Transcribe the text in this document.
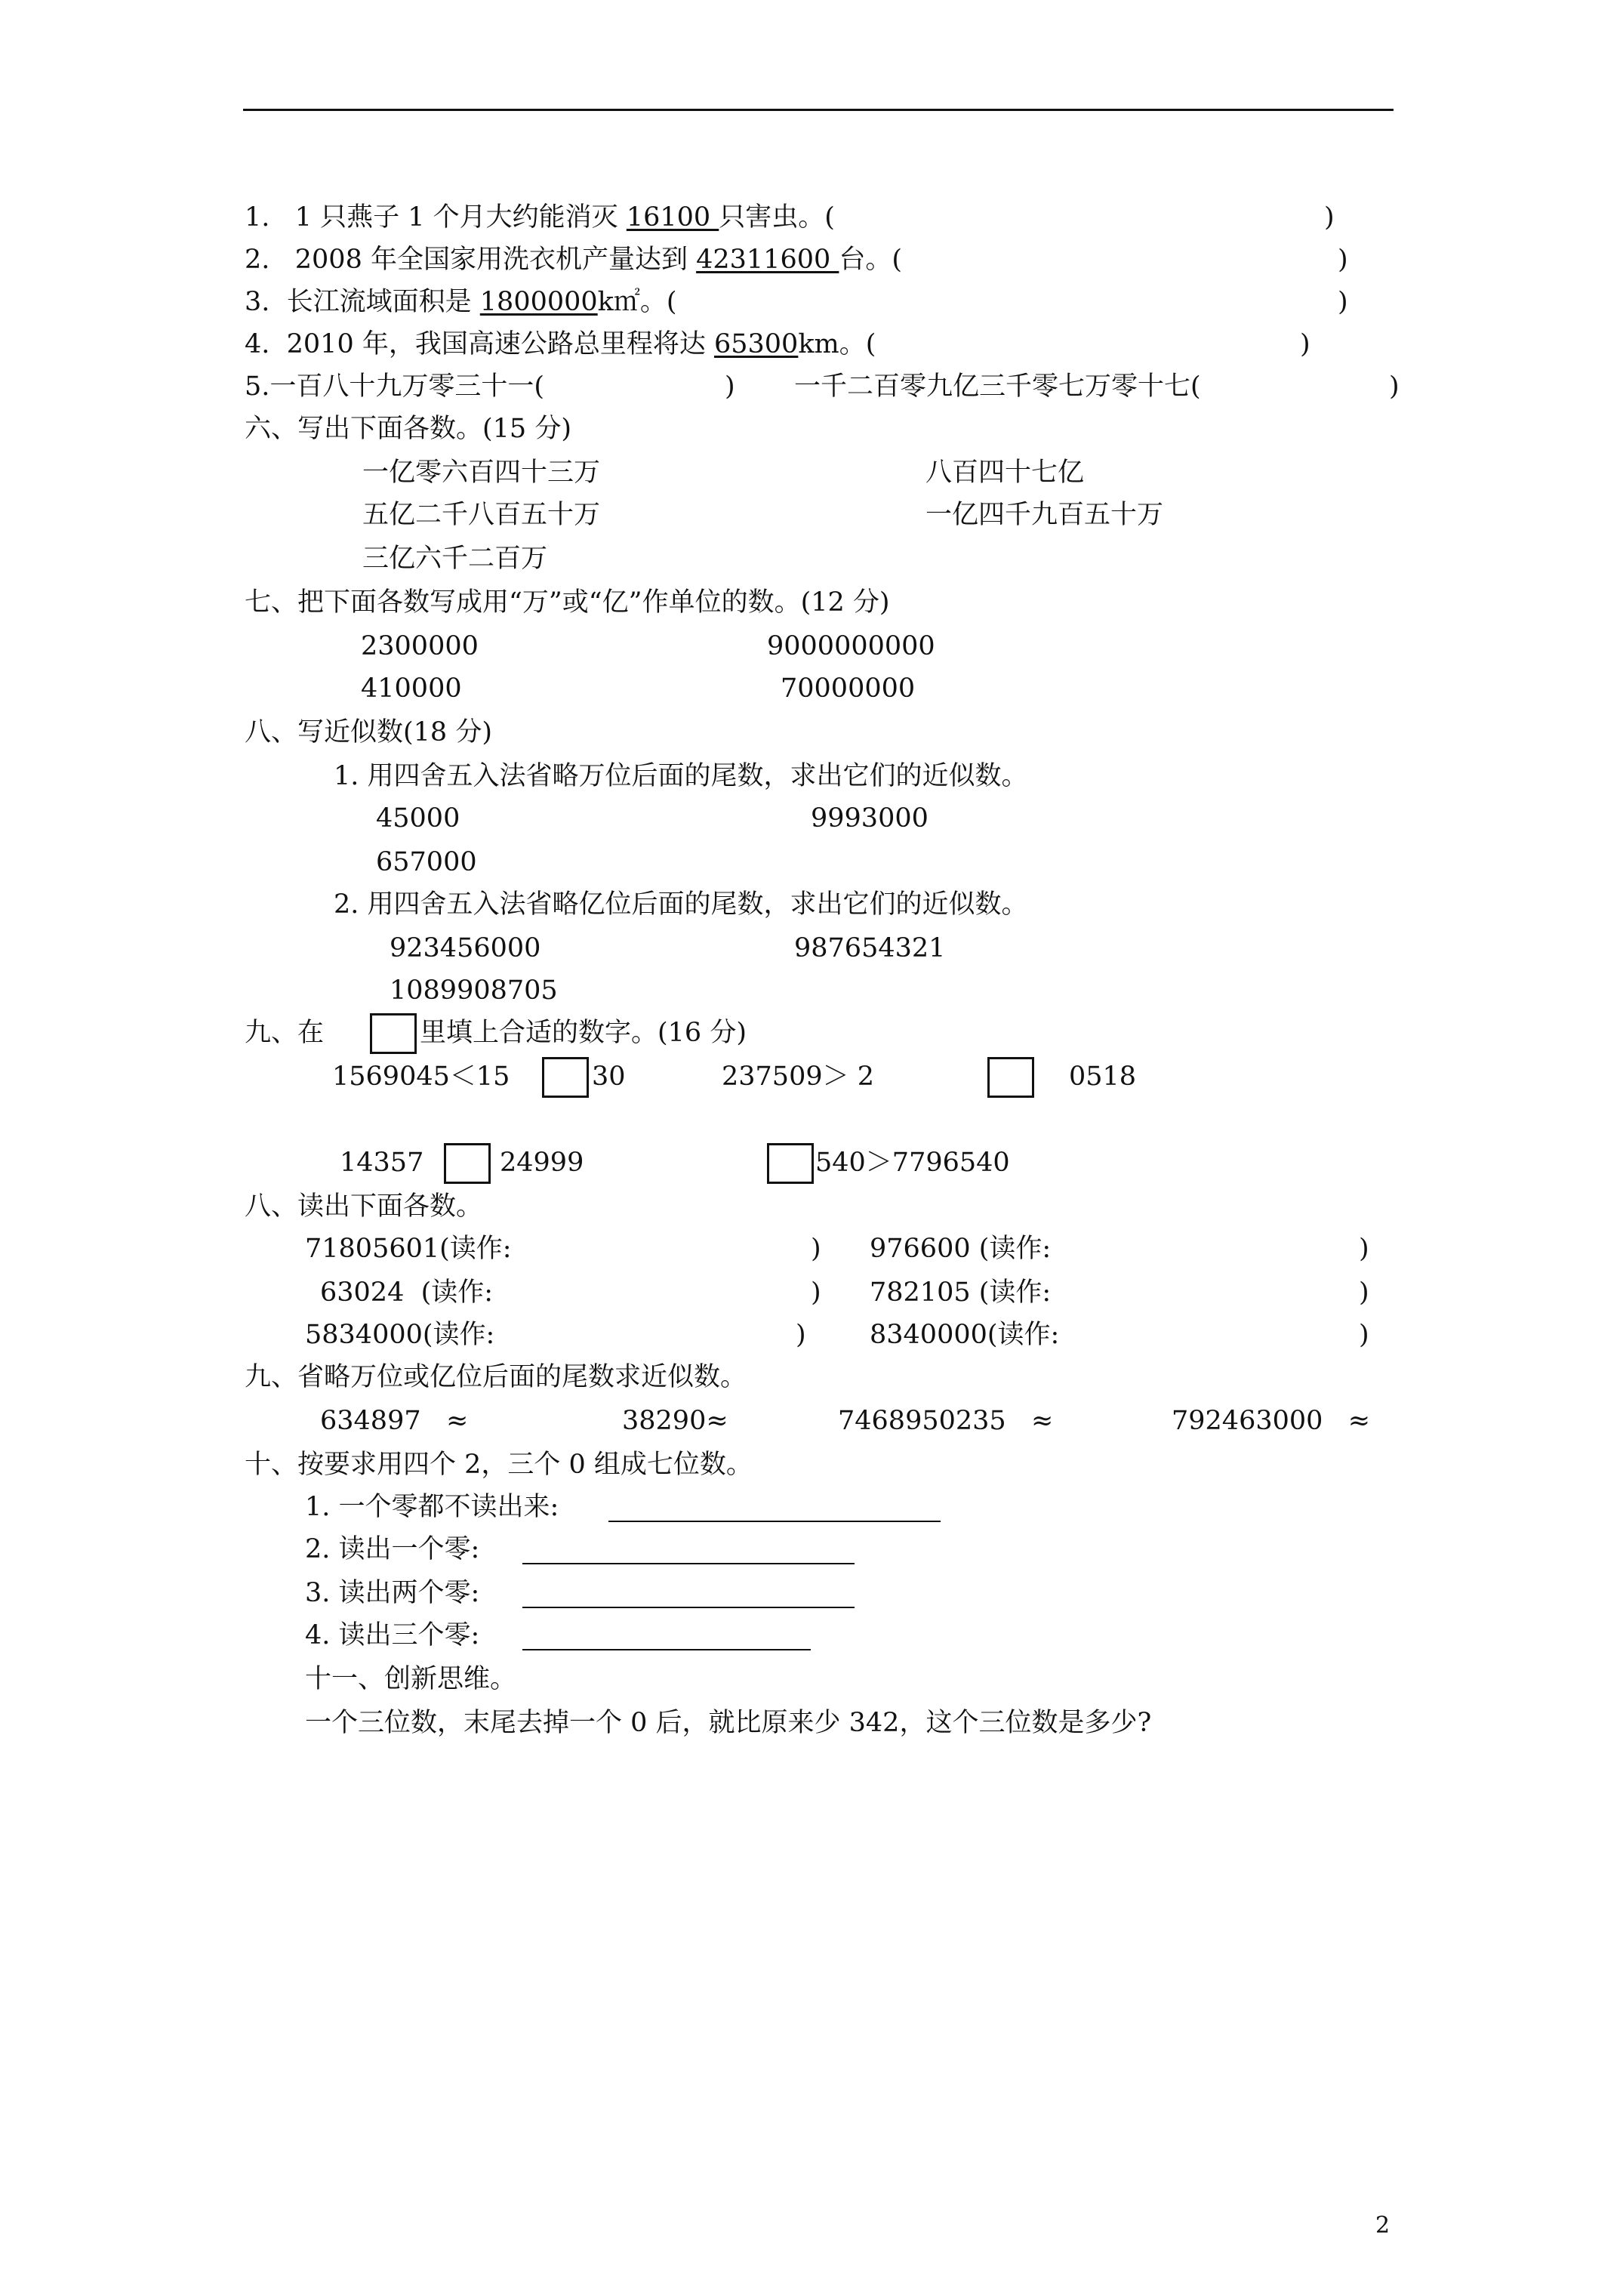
1.   1 只燕子 1 个月大约能消灭 16100 只害虫。(	)
2.   2008 年全国家用洗衣机产量达到 42311600 台。(	)
3.  长江流域面积是 1800000k㎡。(	)
4.  2010 年，我国高速公路总里程将达 65300km。(	)
5.一百八十九万零三十一(	) 一千二百零九亿三千零七万零十七(	)
六、写出下面各数。(15 分)
一亿零六百四十三万	八百四十七亿
五亿二千八百五十万	一亿四千九百五十万
三亿六千二百万
七、把下面各数写成用“万”或“亿”作单位的数。(12 分)
2300000	9000000000
410000	70000000
八、写近似数(18 分)
1. 用四舍五入法省略万位后面的尾数，求出它们的近似数。
45000	9993000
657000
2. 用四舍五入法省略亿位后面的尾数，求出它们的近似数。
923456000	987654321
1089908705
九、在	里填上合适的数字。(16 分)
1569045＜15	30	237509＞ 2	0518
14357	24999	540＞7796540
八、读出下面各数。
71805601(读作:	) 976600 (读作:	)
63024  (读作:	) 782105 (读作:	)
5834000(读作:	) 8340000(读作:	)
九、省略万位或亿位后面的尾数求近似数。
634897   ≈	38290≈	7468950235   ≈	792463000   ≈
十、按要求用四个 2，三个 0 组成七位数。
1. 一个零都不读出来:
2. 读出一个零:
3. 读出两个零:
4. 读出三个零:
十一、创新思维。
一个三位数，末尾去掉一个 0 后，就比原来少 342，这个三位数是多少?
2
